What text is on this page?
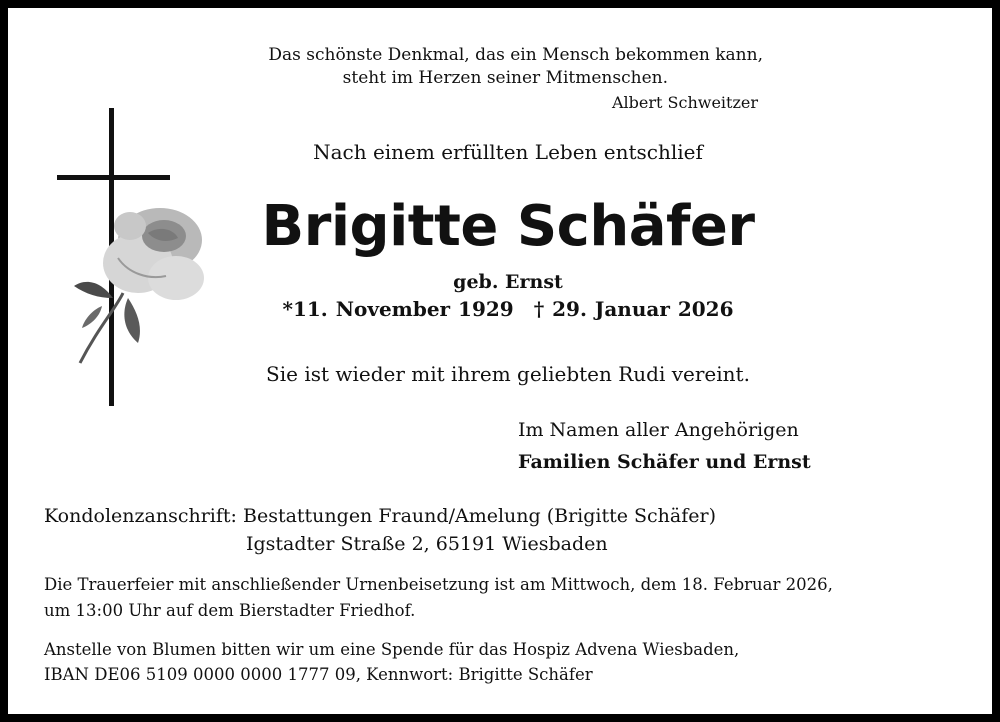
Das schönste Denkmal, das ein Mensch bekommen kann,
steht im Herzen seiner Mitmenschen.
Albert Schweitzer
Nach einem erfüllten Leben entschlief
Brigitte Schäfer
geb. Ernst
*11. November 1929 † 29. Januar 2026
Sie ist wieder mit ihrem geliebten Rudi vereint.
Im Namen aller Angehörigen
Familien Schäfer und Ernst
Kondolenzanschrift: Bestattungen Fraund/Amelung (Brigitte Schäfer)
Igstadter Straße 2, 65191 Wiesbaden
Die Trauerfeier mit anschließender Urnenbeisetzung ist am Mittwoch, dem 18. Februar 2026,
um 13:00 Uhr auf dem Bierstadter Friedhof.
Anstelle von Blumen bitten wir um eine Spende für das Hospiz Advena Wiesbaden,
IBAN DE06 5109 0000 0000 1777 09, Kennwort: Brigitte Schäfer
